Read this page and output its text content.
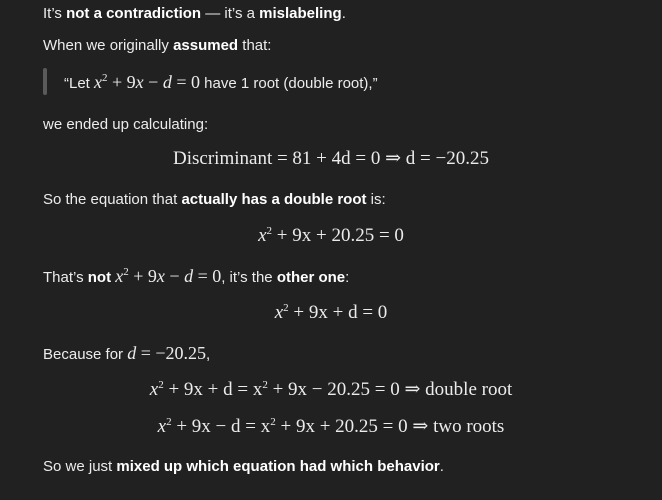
It’s not a contradiction — it’s a mislabeling.
When we originally assumed that:
“Let $x^2 + 9x - d = 0$ have 1 root (double root),”
we ended up calculating:
Discriminant = 81 + 4d = 0 ⇒ d = −20.25
So the equation that actually has a double root is:
$x^2 + 9x + 20.25 = 0$
That’s not $x^2 + 9x - d = 0$, it’s the other one:
$x^2 + 9x + d = 0$
Because for d = −20.25,
$x^2 + 9x + d = x^2 + 9x - 20.25 = 0$ ⇒ double root
$x^2 + 9x - d = x^2 + 9x + 20.25 = 0$ ⇒ two roots
So we just mixed up which equation had which behavior.
